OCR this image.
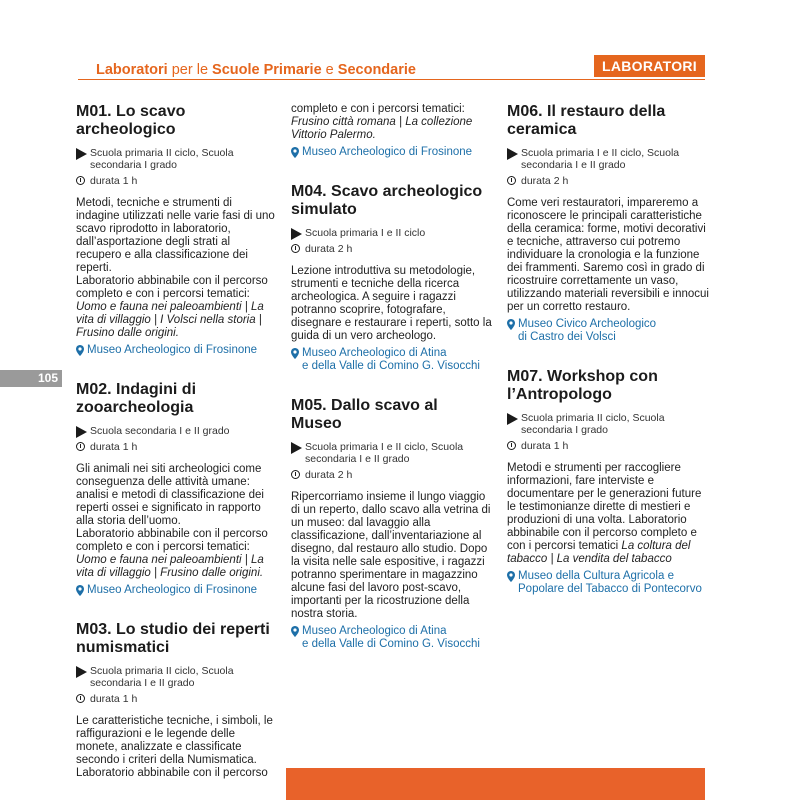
Laboratori per le Scuole Primarie e Secondarie	LABORATORI
105
M01. Lo scavo archeologico
Scuola primaria II ciclo, Scuola secondaria I grado
durata 1 h

Metodi, tecniche e strumenti di indagine utilizzati nelle varie fasi di uno scavo riprodotto in laboratorio, dall’asportazione degli strati al recupero e alla classificazione dei reperti.
Laboratorio abbinabile con il percorso completo e con i percorsi tematici:
Uomo e fauna nei paleoambienti | La vita di villaggio | I Volsci nella storia | Frusino dalle origini.

Museo Archeologico di Frosinone
M02. Indagini di zooarcheologia
Scuola secondaria I e II grado
durata 1 h

Gli animali nei siti archeologici come conseguenza delle attività umane: analisi e metodi di classificazione dei reperti ossei e significato in rapporto alla storia dell’uomo.
Laboratorio abbinabile con il percorso completo e con i percorsi tematici:
Uomo e fauna nei paleoambienti | La vita di villaggio | Frusino dalle origini.

Museo Archeologico di Frosinone
M03. Lo studio dei reperti numismatici
Scuola primaria II ciclo, Scuola secondaria I e II grado
durata 1 h

Le caratteristiche tecniche, i simboli, le raffigurazioni e le legende delle monete, analizzate e classificate secondo i criteri della Numismatica. Laboratorio abbinabile con il percorso

completo e con i percorsi tematici:
Frusino città romana | La collezione Vittorio Palermo.

Museo Archeologico di Frosinone
M04. Scavo archeologico simulato
Scuola primaria I e II ciclo
durata 2 h

Lezione introduttiva su metodologie, strumenti e tecniche della ricerca archeologica. A seguire i ragazzi potranno scoprire, fotografare, disegnare e restaurare i reperti, sotto la guida di un vero archeologo.

Museo Archeologico di Atina
e della Valle di Comino G. Visocchi
M05. Dallo scavo al Museo
Scuola primaria I e II ciclo, Scuola secondaria I e II grado
durata 2 h

Ripercorriamo insieme il lungo viaggio di un reperto, dallo scavo alla vetrina di un museo: dal lavaggio alla classificazione, dall’inventariazione al disegno, dal restauro allo studio. Dopo la visita nelle sale espositive, i ragazzi potranno sperimentare in magazzino alcune fasi del lavoro post-scavo, importanti per la ricostruzione della nostra storia.

Museo Archeologico di Atina
e della Valle di Comino G. Visocchi
M06. Il restauro della ceramica
Scuola primaria I e II ciclo, Scuola secondaria I e II grado
durata 2 h

Come veri restauratori, impareremo a riconoscere le principali caratteristiche della ceramica: forme, motivi decorativi e tecniche, attraverso cui potremo individuare la cronologia e la funzione dei frammenti. Saremo così in grado di ricostruire correttamente un vaso, utilizzando materiali reversibili e innocui per un corretto restauro.

Museo Civico Archeologico
di Castro dei Volsci
M07. Workshop con l’Antropologo
Scuola primaria II ciclo, Scuola secondaria I grado
durata 1 h

Metodi e strumenti per raccogliere informazioni, fare interviste e documentare per le generazioni future le testimonianze dirette di mestieri e produzioni di una volta. Laboratorio abbinabile con il percorso completo e con i percorsi tematici La coltura del tabacco | La vendita del tabacco

Museo della Cultura Agricola e
Popolare del Tabacco di Pontecorvo
